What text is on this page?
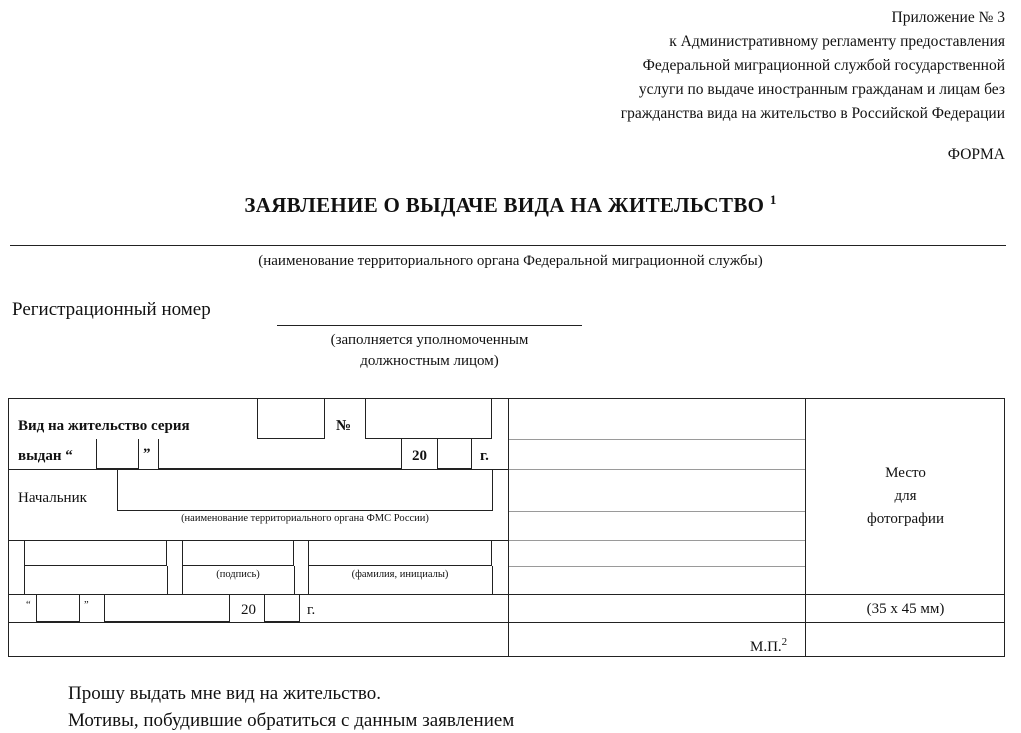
Приложение № 3
к Административному регламенту предоставления
Федеральной миграционной службой государственной
услуги по выдаче иностранным гражданам и лицам без
гражданства вида на жительство в Российской Федерации
ФОРМА
ЗАЯВЛЕНИЕ О ВЫДАЧЕ ВИДА НА ЖИТЕЛЬСТВО $^1$
(наименование территориального органа Федеральной миграционной службы)
Регистрационный номер
(заполняется уполномоченным
должностным лицом)
Вид на жительство серия	№
выдан “	”	20	г.
Начальник
(наименование территориального органа ФМС России)
(подпись)	(фамилия, инициалы)
“	”	20	г.
М.П.$^2$
Место
для
фотографии
(35 х 45 мм)
Прошу выдать мне вид на жительство.
Мотивы, побудившие обратиться с данным заявлением
